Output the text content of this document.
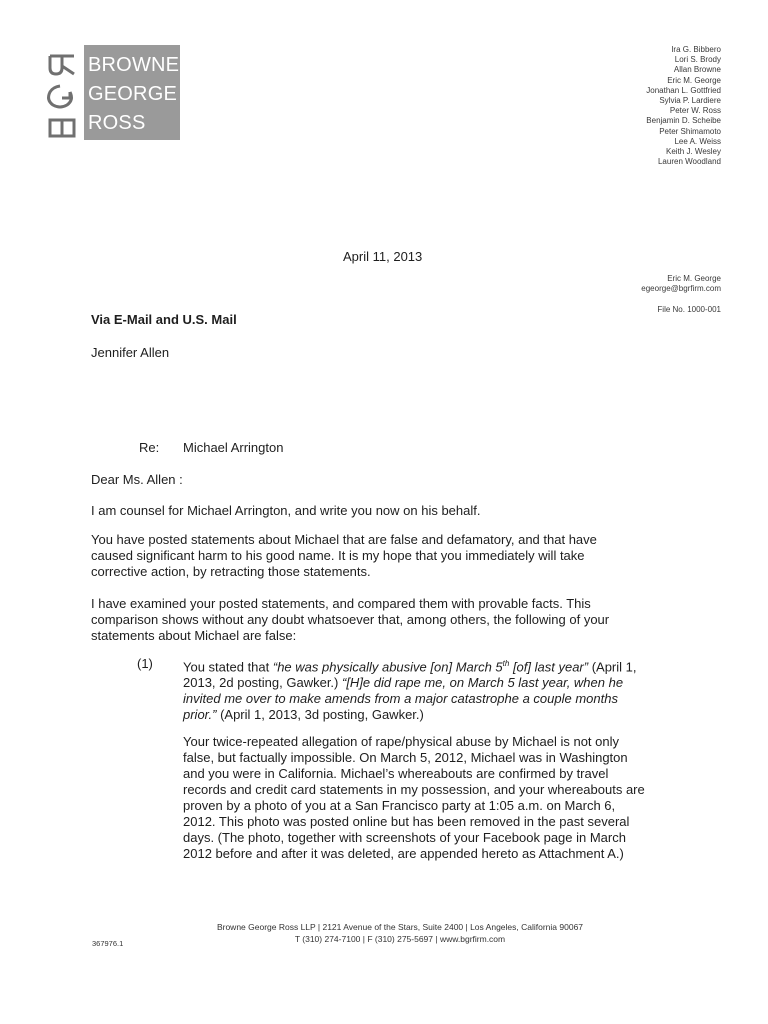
BROWNE
GEORGE
ROSS
Ira G. Bibbero
Lori S. Brody
Allan Browne
Eric M. George
Jonathan L. Gottfried
Sylvia P. Lardiere
Peter W. Ross
Benjamin D. Scheibe
Peter Shimamoto
Lee A. Weiss
Keith J. Wesley
Lauren Woodland
April 11, 2013
Eric M. George
egeorge@bgrfirm.com
File No. 1000-001
Via E-Mail and U.S. Mail
Jennifer Allen
Re: Michael Arrington
Dear Ms. Allen :
I am counsel for Michael Arrington, and write you now on his behalf.
You have posted statements about Michael that are false and defamatory, and that have
caused significant harm to his good name. It is my hope that you immediately will take
corrective action, by retracting those statements.
I have examined your posted statements, and compared them with provable facts. This
comparison shows without any doubt whatsoever that, among others, the following of your
statements about Michael are false:
(1) You stated that “he was physically abusive [on] March 5th [of] last year” (April 1,
2013, 2d posting, Gawker.) “[H]e did rape me, on March 5 last year, when he
invited me over to make amends from a major catastrophe a couple months
prior.” (April 1, 2013, 3d posting, Gawker.)
Your twice-repeated allegation of rape/physical abuse by Michael is not only
false, but factually impossible. On March 5, 2012, Michael was in Washington
and you were in California. Michael’s whereabouts are confirmed by travel
records and credit card statements in my possession, and your whereabouts are
proven by a photo of you at a San Francisco party at 1:05 a.m. on March 6,
2012. This photo was posted online but has been removed in the past several
days. (The photo, together with screenshots of your Facebook page in March
2012 before and after it was deleted, are appended hereto as Attachment A.)
Browne George Ross LLP | 2121 Avenue of the Stars, Suite 2400 | Los Angeles, California 90067
T (310) 274-7100 | F (310) 275-5697 | www.bgrfirm.com
367976.1
